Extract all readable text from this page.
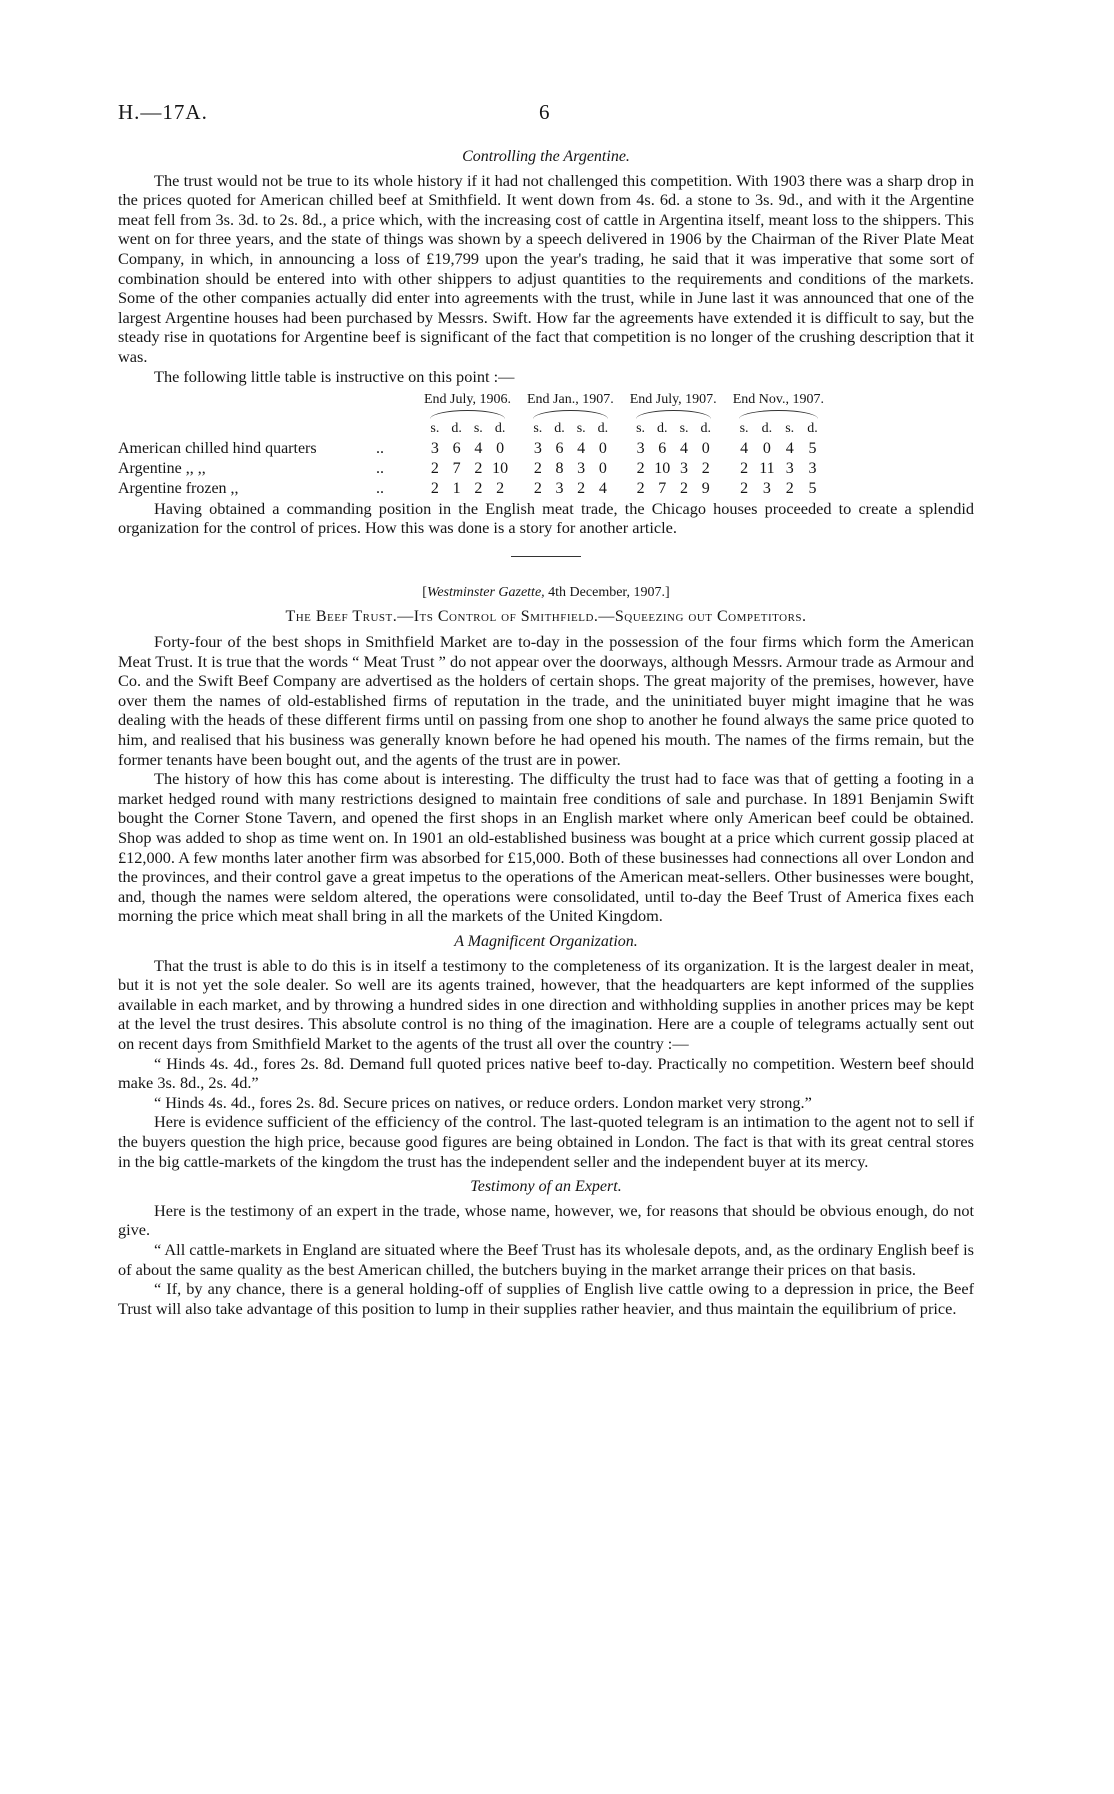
H.—17A.	6
Controlling the Argentine.

The trust would not be true to its whole history if it had not challenged this competition. With 1903 there was a sharp drop in the prices quoted for American chilled beef at Smithfield. It went down from 4s. 6d. a stone to 3s. 9d., and with it the Argentine meat fell from 3s. 3d. to 2s. 8d., a price which, with the increasing cost of cattle in Argentina itself, meant loss to the shippers. This went on for three years, and the state of things was shown by a speech delivered in 1906 by the Chairman of the River Plate Meat Company, in which, in announcing a loss of £19,799 upon the year's trading, he said that it was imperative that some sort of combination should be entered into with other shippers to adjust quantities to the requirements and conditions of the markets. Some of the other companies actually did enter into agreements with the trust, while in June last it was announced that one of the largest Argentine houses had been purchased by Messrs. Swift. How far the agreements have extended it is difficult to say, but the steady rise in quotations for Argentine beef is significant of the fact that competition is no longer of the crushing description that it was.

The following little table is instructive on this point :—

		End July, 1906.					End Jan., 1907.					End July, 1907.					End Nov., 1907.			

		s.	d.	s.	d.		s.	d.	s.	d.		s.	d.	s.	d.		s.	d.	s.	d.
American chilled hind quarters	..	3	6	4	0		3	6	4	0		3	6	4	0		4	0	4	5
Argentine ,, ,,	..	2	7	2	10		2	8	3	0		2	10	3	2		2	11	3	3
Argentine frozen ,,	..	2	1	2	2		2	3	2	4		2	7	2	9		2	3	2	5

Having obtained a commanding position in the English meat trade, the Chicago houses proceeded to create a splendid organization for the control of prices. How this was done is a story for another article.

[Westminster Gazette, 4th December, 1907.]
The Beef Trust.—Its Control of Smithfield.—Squeezing out Competitors.

Forty-four of the best shops in Smithfield Market are to-day in the possession of the four firms which form the American Meat Trust. It is true that the words “ Meat Trust ” do not appear over the doorways, although Messrs. Armour trade as Armour and Co. and the Swift Beef Company are advertised as the holders of certain shops. The great majority of the premises, however, have over them the names of old-established firms of reputation in the trade, and the uninitiated buyer might imagine that he was dealing with the heads of these different firms until on passing from one shop to another he found always the same price quoted to him, and realised that his business was generally known before he had opened his mouth. The names of the firms remain, but the former tenants have been bought out, and the agents of the trust are in power.

The history of how this has come about is interesting. The difficulty the trust had to face was that of getting a footing in a market hedged round with many restrictions designed to maintain free conditions of sale and purchase. In 1891 Benjamin Swift bought the Corner Stone Tavern, and opened the first shops in an English market where only American beef could be obtained. Shop was added to shop as time went on. In 1901 an old-established business was bought at a price which current gossip placed at £12,000. A few months later another firm was absorbed for £15,000. Both of these businesses had connections all over London and the provinces, and their control gave a great impetus to the operations of the American meat-sellers. Other businesses were bought, and, though the names were seldom altered, the operations were consolidated, until to-day the Beef Trust of America fixes each morning the price which meat shall bring in all the markets of the United Kingdom.

A Magnificent Organization.

That the trust is able to do this is in itself a testimony to the completeness of its organization. It is the largest dealer in meat, but it is not yet the sole dealer. So well are its agents trained, however, that the headquarters are kept informed of the supplies available in each market, and by throwing a hundred sides in one direction and withholding supplies in another prices may be kept at the level the trust desires. This absolute control is no thing of the imagination. Here are a couple of telegrams actually sent out on recent days from Smithfield Market to the agents of the trust all over the country :—

“ Hinds 4s. 4d., fores 2s. 8d. Demand full quoted prices native beef to-day. Practically no competition. Western beef should make 3s. 8d., 2s. 4d.”

“ Hinds 4s. 4d., fores 2s. 8d. Secure prices on natives, or reduce orders. London market very strong.”

Here is evidence sufficient of the efficiency of the control. The last-quoted telegram is an intimation to the agent not to sell if the buyers question the high price, because good figures are being obtained in London. The fact is that with its great central stores in the big cattle-markets of the kingdom the trust has the independent seller and the independent buyer at its mercy.

Testimony of an Expert.

Here is the testimony of an expert in the trade, whose name, however, we, for reasons that should be obvious enough, do not give.

“ All cattle-markets in England are situated where the Beef Trust has its wholesale depots, and, as the ordinary English beef is of about the same quality as the best American chilled, the butchers buying in the market arrange their prices on that basis.

“ If, by any chance, there is a general holding-off of supplies of English live cattle owing to a depression in price, the Beef Trust will also take advantage of this position to lump in their supplies rather heavier, and thus maintain the equilibrium of price.
